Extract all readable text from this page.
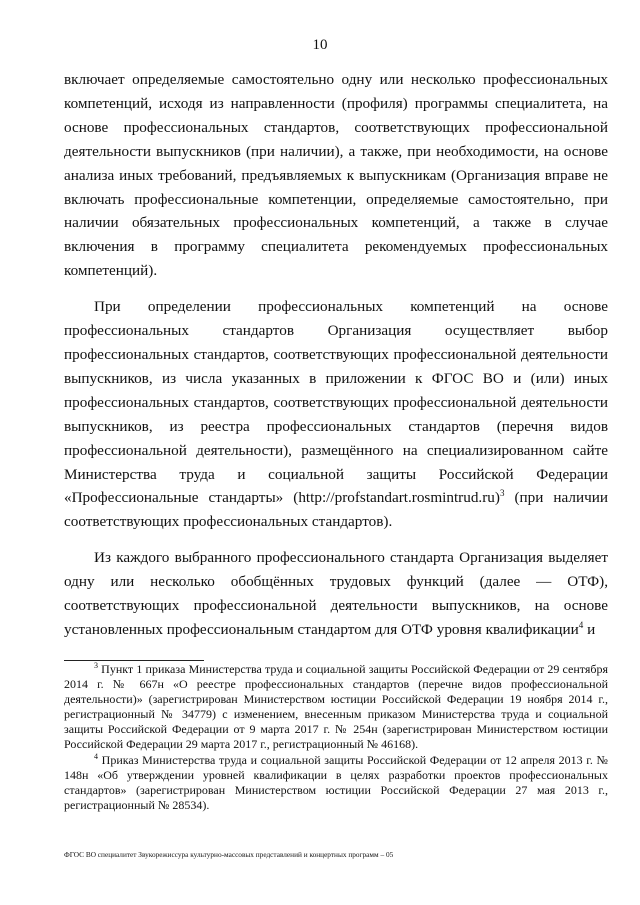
10

включает определяемые самостоятельно одну или несколько профессиональных компетенций, исходя из направленности (профиля) программы специалитета, на основе профессиональных стандартов, соответствующих профессиональной деятельности выпускников (при наличии), а также, при необходимости, на основе анализа иных требований, предъявляемых к выпускникам (Организация вправе не включать профессиональные компетенции, определяемые самостоятельно, при наличии обязательных профессиональных компетенций, а также в случае включения в программу специалитета рекомендуемых профессиональных компетенций).

При определении профессиональных компетенций на основе профессиональных стандартов Организация осуществляет выбор профессиональных стандартов, соответствующих профессиональной деятельности выпускников, из числа указанных в приложении к ФГОС ВО и (или) иных профессиональных стандартов, соответствующих профессиональной деятельности выпускников, из реестра профессиональных стандартов (перечня видов профессиональной деятельности), размещённого на специализированном сайте Министерства труда и социальной защиты Российской Федерации «Профессиональные стандарты» (http://profstandart.rosmintrud.ru)$^3$ (при наличии соответствующих профессиональных стандартов).

Из каждого выбранного профессионального стандарта Организация выделяет одну или несколько обобщённых трудовых функций (далее — ОТФ), соответствующих профессиональной деятельности выпускников, на основе установленных профессиональным стандартом для ОТФ уровня квалификации$^4$ и

$^3$ Пункт 1 приказа Министерства труда и социальной защиты Российской Федерации от 29 сентября 2014 г. № 667н «О реестре профессиональных стандартов (перечне видов профессиональной деятельности)» (зарегистрирован Министерством юстиции Российской Федерации 19 ноября 2014 г., регистрационный № 34779) с изменением, внесенным приказом Министерства труда и социальной защиты Российской Федерации от 9 марта 2017 г. № 254н (зарегистрирован Министерством юстиции Российской Федерации 29 марта 2017 г., регистрационный № 46168).

$^4$ Приказ Министерства труда и социальной защиты Российской Федерации от 12 апреля 2013 г. № 148н «Об утверждении уровней квалификации в целях разработки проектов профессиональных стандартов» (зарегистрирован Министерством юстиции Российской Федерации 27 мая 2013 г., регистрационный № 28534).

ФГОС ВО специалитет Звукорежиссура культурно-массовых представлений и концертных программ – 05
